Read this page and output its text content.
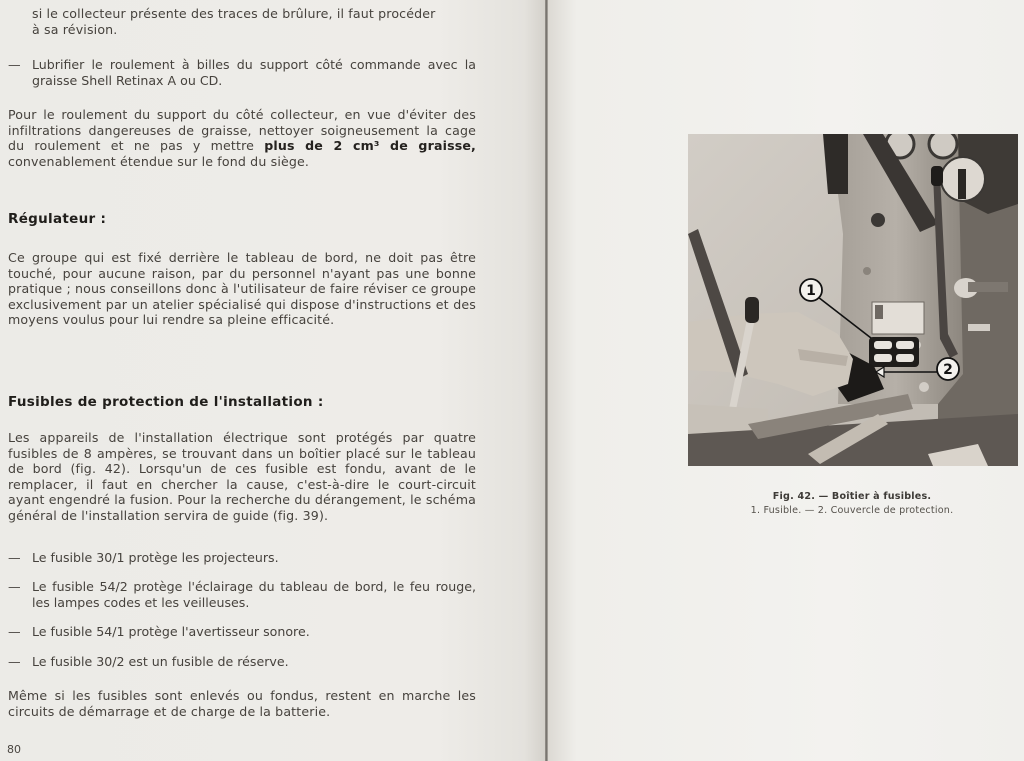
si le collecteur présente des traces de brûlure, il faut procéder
à sa révision.

— Lubrifier le roulement à billes du support côté commande avec la graisse Shell Retinax A ou CD.

Pour le roulement du support du côté collecteur, en vue d'éviter des infiltrations dangereuses de graisse, nettoyer soigneusement la cage du roulement et ne pas y mettre plus de 2 cm³ de graisse, convenablement étendue sur le fond du siège.

Régulateur :

Ce groupe qui est fixé derrière le tableau de bord, ne doit pas être touché, pour aucune raison, par du personnel n'ayant pas une bonne pratique ; nous conseillons donc à l'utilisateur de faire réviser ce groupe exclusivement par un atelier spécialisé qui dispose d'instructions et des moyens voulus pour lui rendre sa pleine efficacité.

Fusibles de protection de l'installation :

Les appareils de l'installation électrique sont protégés par quatre fusibles de 8 ampères, se trouvant dans un boîtier placé sur le tableau de bord (fig. 42). Lorsqu'un de ces fusible est fondu, avant de le remplacer, il faut en chercher la cause, c'est-à-dire le court-circuit ayant engendré la fusion. Pour la recherche du dérangement, le schéma général de l'installation servira de guide (fig. 39).

— Le fusible 30/1 protège les projecteurs.
— Le fusible 54/2 protège l'éclairage du tableau de bord, le feu rouge, les lampes codes et les veilleuses.
— Le fusible 54/1 protège l'avertisseur sonore.
— Le fusible 30/2 est un fusible de réserve.

Même si les fusibles sont enlevés ou fondus, restent en marche les circuits de démarrage et de charge de la batterie.

80
1
2
Fig. 42. — Boîtier à fusibles.
1. Fusible. — 2. Couvercle de protection.
